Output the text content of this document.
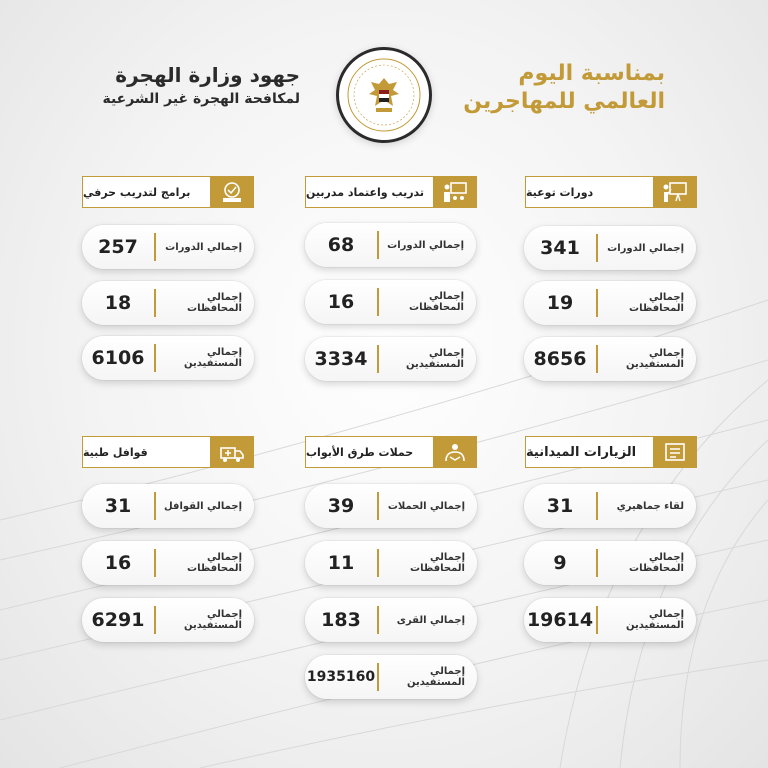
جهود وزارة الهجرة
لمكافحة الهجرة غير الشرعية
بمناسبة اليوم
العالمي للمهاجرين
دورات توعية
341	إجمالي الدورات
19	إجمالي المحافظات
8656	إجمالي المستفيدين
تدريب واعتماد مدربين
68	إجمالي الدورات
16	إجمالي المحافظات
3334	إجمالي المستفيدين
برامج لتدريب حرفي
257	إجمالي الدورات
18	إجمالي المحافظات
6106	إجمالي المستفيدين
الزيارات الميدانية
31	لقاء جماهيري
9	إجمالي المحافظات
19614	إجمالي المستفيدين
حملات طرق الأبواب
39	إجمالي الحملات
11	إجمالي المحافظات
183	إجمالي القرى
1935160	إجمالي المستفيدين
قوافل طبية
31	إجمالي القوافل
16	إجمالي المحافظات
6291	إجمالي المستفيدين
